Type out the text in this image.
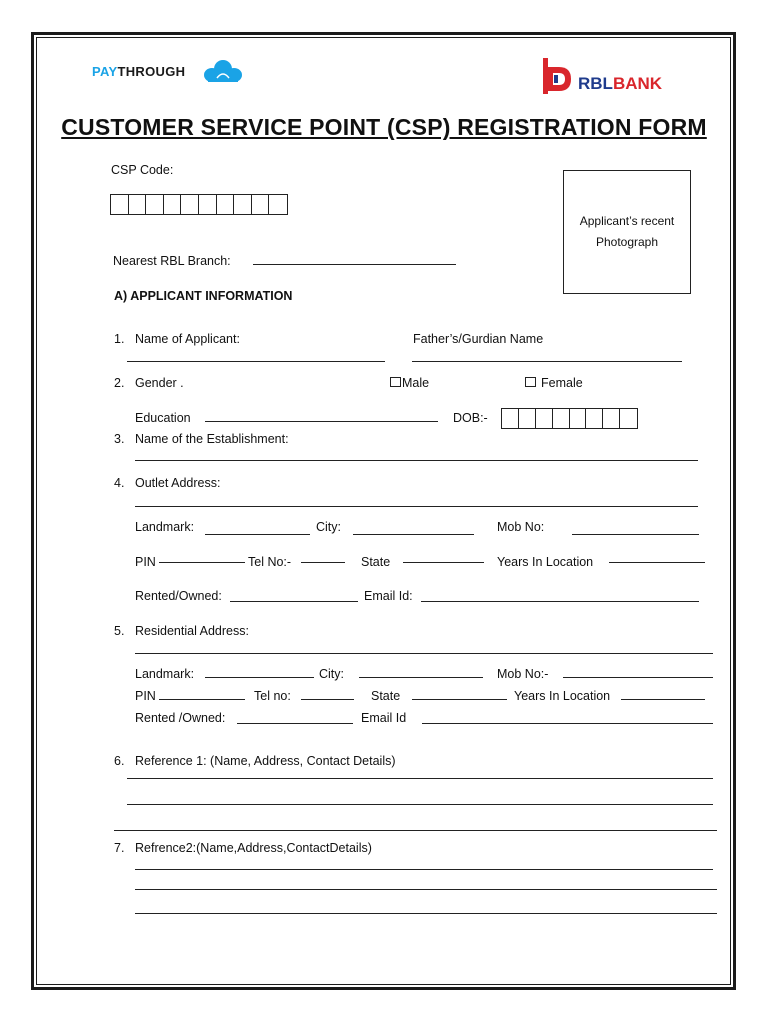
PAYTHROUGH
RBLBANK
CUSTOMER SERVICE POINT (CSP) REGISTRATION FORM
CSP Code:
Applicant’s recent Photograph
Nearest RBL Branch:
A) APPLICANT INFORMATION
1. Name of Applicant:	Father’s/Gurdian Name
2. Gender .	Male	Female
Education	DOB:-
3. Name of the Establishment:
4. Outlet Address:
Landmark:	City:	Mob No:
PIN	Tel No:-	State	Years In Location
Rented/Owned:	Email Id:
5. Residential Address:
Landmark:	City:	Mob No:-
PIN	Tel no:	State	Years In Location
Rented /Owned:	Email Id
6. Reference 1: (Name, Address, Contact Details)
7. Refrence2:(Name,Address,ContactDetails)
